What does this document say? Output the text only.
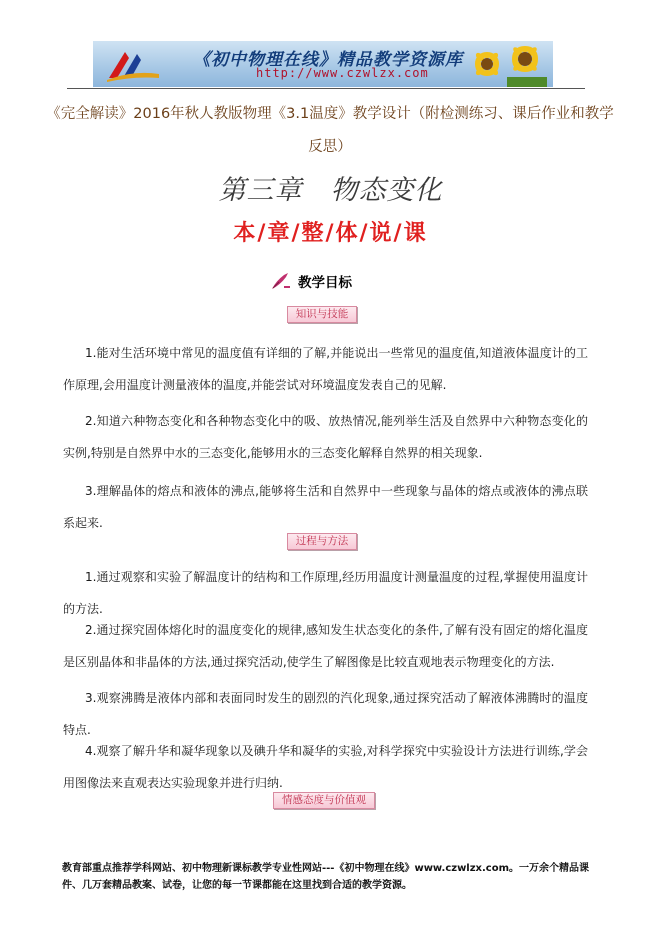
《初中物理在线》精品教学资源库
http://www.czwlzx.com
《完全解读》2016年秋人教版物理《3.1温度》教学设计（附检测练习、课后作业和教学反思）
第三章　物态变化
本/章/整/体/说/课
教学目标
知识与技能
1.能对生活环境中常见的温度值有详细的了解,并能说出一些常见的温度值,知道液体温度计的工作原理,会用温度计测量液体的温度,并能尝试对环境温度发表自己的见解.
2.知道六种物态变化和各种物态变化中的吸、放热情况,能列举生活及自然界中六种物态变化的实例,特别是自然界中水的三态变化,能够用水的三态变化解释自然界的相关现象.
3.理解晶体的熔点和液体的沸点,能够将生活和自然界中一些现象与晶体的熔点或液体的沸点联系起来.
过程与方法
1.通过观察和实验了解温度计的结构和工作原理,经历用温度计测量温度的过程,掌握使用温度计的方法.
2.通过探究固体熔化时的温度变化的规律,感知发生状态变化的条件,了解有没有固定的熔化温度是区别晶体和非晶体的方法,通过探究活动,使学生了解图像是比较直观地表示物理变化的方法.
3.观察沸腾是液体内部和表面同时发生的剧烈的汽化现象,通过探究活动了解液体沸腾时的温度特点.
4.观察了解升华和凝华现象以及碘升华和凝华的实验,对科学探究中实验设计方法进行训练,学会用图像法来直观表达实验现象并进行归纳.
情感态度与价值观
教育部重点推荐学科网站、初中物理新课标教学专业性网站---《初中物理在线》www.czwlzx.com。一万余个精品课件、几万套精品教案、试卷，让您的每一节课都能在这里找到合适的教学资源。
